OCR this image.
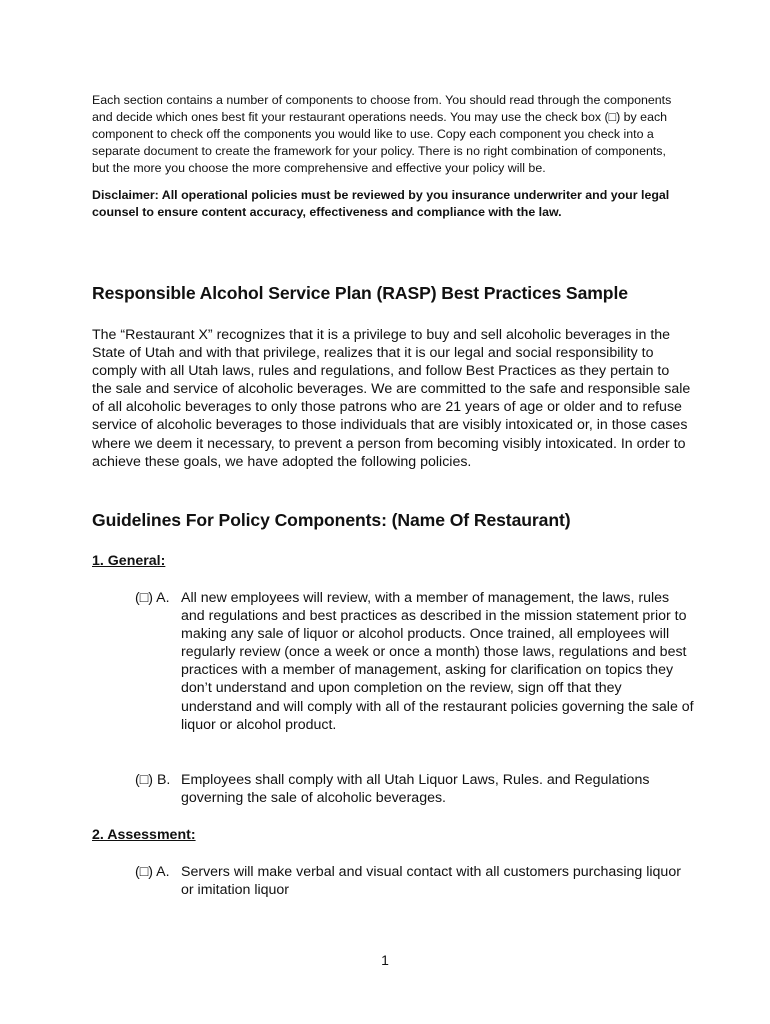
Each section contains a number of components to choose from. You should read through the components and decide which ones best fit your restaurant operations needs. You may use the check box (□) by each component to check off the components you would like to use. Copy each component you check into a separate document to create the framework for your policy. There is no right combination of components, but the more you choose the more comprehensive and effective your policy will be.

Disclaimer: All operational policies must be reviewed by you insurance underwriter and your legal counsel to ensure content accuracy, effectiveness and compliance with the law.

Responsible Alcohol Service Plan (RASP) Best Practices Sample

The “Restaurant X” recognizes that it is a privilege to buy and sell alcoholic beverages in the State of Utah and with that privilege, realizes that it is our legal and social responsibility to comply with all Utah laws, rules and regulations, and follow Best Practices as they pertain to the sale and service of alcoholic beverages. We are committed to the safe and responsible sale of all alcoholic beverages to only those patrons who are 21 years of age or older and to refuse service of alcoholic beverages to those individuals that are visibly intoxicated or, in those cases where we deem it necessary, to prevent a person from becoming visibly intoxicated. In order to achieve these goals, we have adopted the following policies.

Guidelines For Policy Components: (Name Of Restaurant)

1. General:

(□) A. All new employees will review, with a member of management, the laws, rules and regulations and best practices as described in the mission statement prior to making any sale of liquor or alcohol products. Once trained, all employees will regularly review (once a week or once a month) those laws, regulations and best practices with a member of management, asking for clarification on topics they don’t understand and upon completion on the review, sign off that they understand and will comply with all of the restaurant policies governing the sale of liquor or alcohol product.
(□) B. Employees shall comply with all Utah Liquor Laws, Rules. and Regulations governing the sale of alcoholic beverages.

2. Assessment:

(□) A. Servers will make verbal and visual contact with all customers purchasing liquor or imitation liquor
1
